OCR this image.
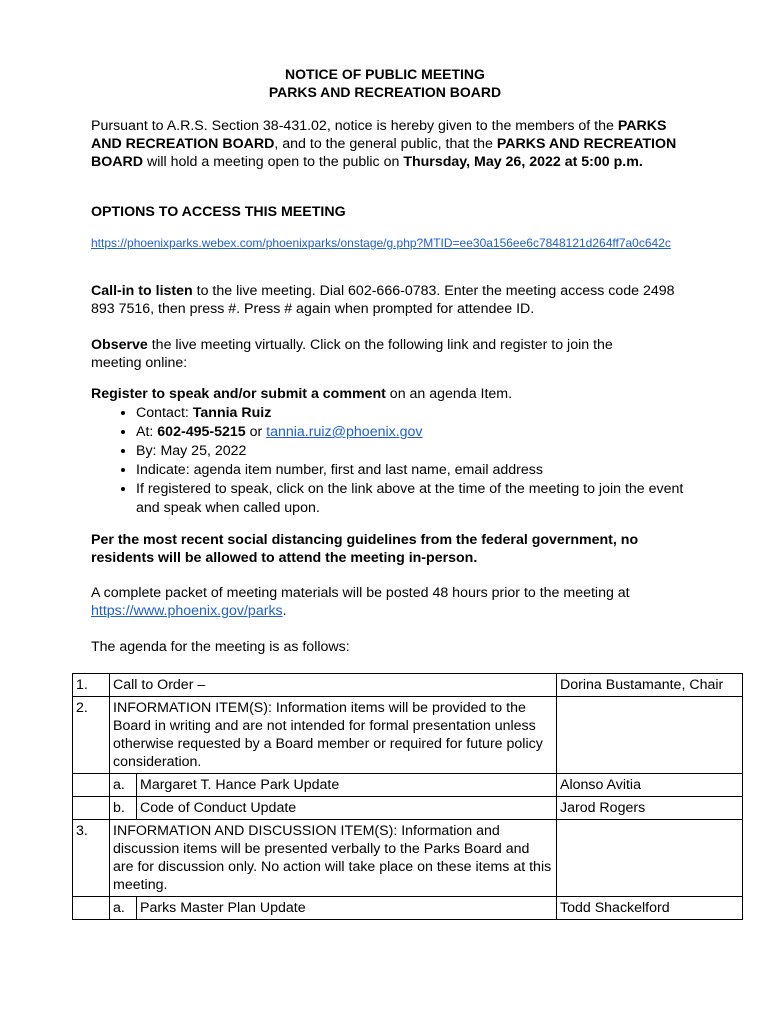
NOTICE OF PUBLIC MEETING
PARKS AND RECREATION BOARD
Pursuant to A.R.S. Section 38-431.02, notice is hereby given to the members of the PARKS AND RECREATION BOARD, and to the general public, that the PARKS AND RECREATION BOARD will hold a meeting open to the public on Thursday, May 26, 2022 at 5:00 p.m.
OPTIONS TO ACCESS THIS MEETING
https://phoenixparks.webex.com/phoenixparks/onstage/g.php?MTID=ee30a156ee6c7848121d264ff7a0c642c
Call-in to listen to the live meeting. Dial 602-666-0783. Enter the meeting access code 2498 893 7516, then press #. Press # again when prompted for attendee ID.
Observe the live meeting virtually. Click on the following link and register to join the meeting online:
Register to speak and/or submit a comment on an agenda Item.
• Contact: Tannia Ruiz
• At: 602-495-5215 or tannia.ruiz@phoenix.gov
• By: May 25, 2022
• Indicate: agenda item number, first and last name, email address
• If registered to speak, click on the link above at the time of the meeting to join the event and speak when called upon.
Per the most recent social distancing guidelines from the federal government, no residents will be allowed to attend the meeting in-person.
A complete packet of meeting materials will be posted 48 hours prior to the meeting at https://www.phoenix.gov/parks.
The agenda for the meeting is as follows:
1.	Call to Order –		Dorina Bustamante, Chair
2.	INFORMATION ITEM(S): Information items will be provided to the Board in writing and are not intended for formal presentation unless otherwise requested by a Board member or required for future policy consideration.		
	a.	Margaret T. Hance Park Update	Alonso Avitia
	b.	Code of Conduct Update	Jarod Rogers
3.	INFORMATION AND DISCUSSION ITEM(S): Information and discussion items will be presented verbally to the Parks Board and are for discussion only. No action will take place on these items at this meeting.		
	a.	Parks Master Plan Update	Todd Shackelford
